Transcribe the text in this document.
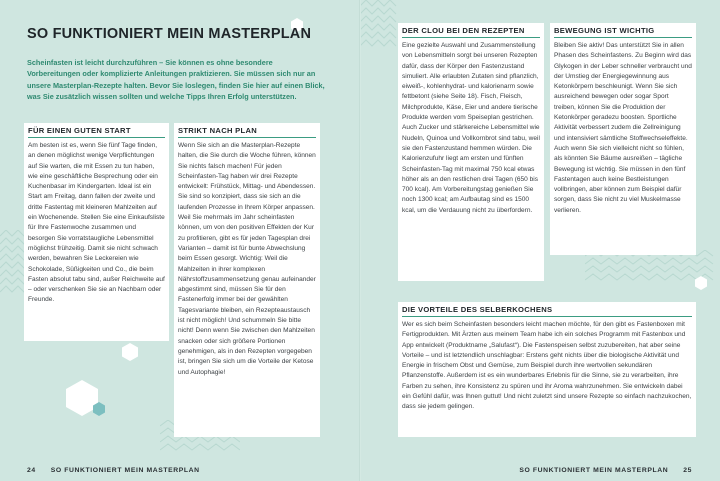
SO FUNKTIONIERT MEIN MASTERPLAN
Scheinfasten ist leicht durchzuführen – Sie können es ohne besondere Vorbereitungen oder komplizierte Anleitungen praktizieren. Sie müssen sich nur an unsere Masterplan-Rezepte halten. Bevor Sie loslegen, finden Sie hier auf einen Blick, was Sie zusätzlich wissen sollten und welche Tipps Ihren Erfolg unterstützen.
FÜR EINEN GUTEN START

Am besten ist es, wenn Sie fünf Tage finden, an denen möglichst wenige Verpflichtungen auf Sie warten, die mit Essen zu tun haben, wie eine geschäftliche Besprechung oder ein Kuchenbasar im Kindergarten. Ideal ist ein Start am Freitag, dann fallen der zweite und dritte Fastentag mit kleineren Mahlzeiten auf ein Wochenende. Stellen Sie eine Einkaufsliste für Ihre Fastenwoche zusammen und besorgen Sie vorratstaugliche Lebensmittel möglichst frühzeitig. Damit sie nicht schwach werden, bewahren Sie Leckereien wie Schokolade, Süßigkeiten und Co., die beim Fasten absolut tabu sind, außer Reichweite auf – oder verschenken Sie sie an Nachbarn oder Freunde.

STRIKT NACH PLAN

Wenn Sie sich an die Masterplan-Rezepte halten, die Sie durch die Woche führen, können Sie nichts falsch machen! Für jeden Scheinfasten-Tag haben wir drei Rezepte entwickelt: Frühstück, Mittag- und Abendessen. Sie sind so konzipiert, dass sie sich an die laufenden Prozesse in Ihrem Körper anpassen. Weil Sie mehrmals im Jahr scheinfasten können, um von den positiven Effekten der Kur zu profitieren, gibt es für jeden Tagesplan drei Varianten – damit ist für bunte Abwechslung beim Essen gesorgt. Wichtig: Weil die Mahlzeiten in ihrer komplexen Nährstoffzusammensetzung genau aufeinander abgestimmt sind, müssen Sie für den Fastenerfolg immer bei der gewählten Tagesvariante bleiben, ein Rezepteaustausch ist nicht möglich! Und schummeln Sie bitte nicht! Denn wenn Sie zwischen den Mahlzeiten snacken oder sich größere Portionen genehmigen, als in den Rezepten vorgegeben ist, bringen Sie sich um die Vorteile der Ketose und Autophagie!

24 SO FUNKTIONIERT MEIN MASTERPLAN
DER CLOU BEI DEN REZEPTEN

Eine gezielte Auswahl und Zusammenstellung von Lebensmitteln sorgt bei unseren Rezepten dafür, dass der Körper den Fastenzustand simuliert. Alle erlaubten Zutaten sind pflanzlich, eiweiß-, kohlenhydrat- und kalorienarm sowie fettbetont (siehe Seite 18). Fisch, Fleisch, Milchprodukte, Käse, Eier und andere tierische Produkte werden vom Speiseplan gestrichen. Auch Zucker und stärkereiche Lebensmittel wie Nudeln, Quinoa und Vollkornbrot sind tabu, weil sie den Fastenzustand hemmen würden. Die Kalorienzufuhr liegt am ersten und fünften Scheinfasten-Tag mit maximal 750 kcal etwas höher als an den restlichen drei Tagen (650 bis 700 kcal). Am Vorbereitungstag genießen Sie noch 1300 kcal; am Aufbautag sind es 1500 kcal, um die Verdauung nicht zu überfordern.

BEWEGUNG IST WICHTIG

Bleiben Sie aktiv! Das unterstützt Sie in allen Phasen des Scheinfastens. Zu Beginn wird das Glykogen in der Leber schneller verbraucht und der Umstieg der Energiegewinnung aus Ketonkörpern beschleunigt. Wenn Sie sich ausreichend bewegen oder sogar Sport treiben, können Sie die Produktion der Ketonkörper geradezu boosten. Sportliche Aktivität verbessert zudem die Zellreinigung und intensiviert sämtliche Stoffwechseleffekte. Auch wenn Sie sich vielleicht nicht so fühlen, als könnten Sie Bäume ausreißen – tägliche Bewegung ist wichtig. Sie müssen in den fünf Fastentagen auch keine Bestleistungen vollbringen, aber können zum Beispiel dafür sorgen, dass Sie nicht zu viel Muskelmasse verlieren.

DIE VORTEILE DES SELBERKOCHENS

Wer es sich beim Scheinfasten besonders leicht machen möchte, für den gibt es Fastenboxen mit Fertigprodukten. Mit Ärzten aus meinem Team habe ich ein solches Programm mit Fastenbox und App entwickelt (Produktname „Salufast“). Die Fastenspeisen selbst zuzubereiten, hat aber seine Vorteile – und ist letztendlich unschlagbar: Erstens geht nichts über die biologische Aktivität und Energie in frischem Obst und Gemüse, zum Beispiel durch ihre wertvollen sekundären Pflanzenstoffe. Außerdem ist es ein wunderbares Erlebnis für die Sinne, sie zu verarbeiten, ihre Farben zu sehen, ihre Konsistenz zu spüren und ihr Aroma wahrzunehmen. Sie entwickeln dabei ein Gefühl dafür, was Ihnen guttut! Und nicht zuletzt sind unsere Rezepte so einfach nachzukochen, dass sie jedem gelingen.

SO FUNKTIONIERT MEIN MASTERPLAN 25
